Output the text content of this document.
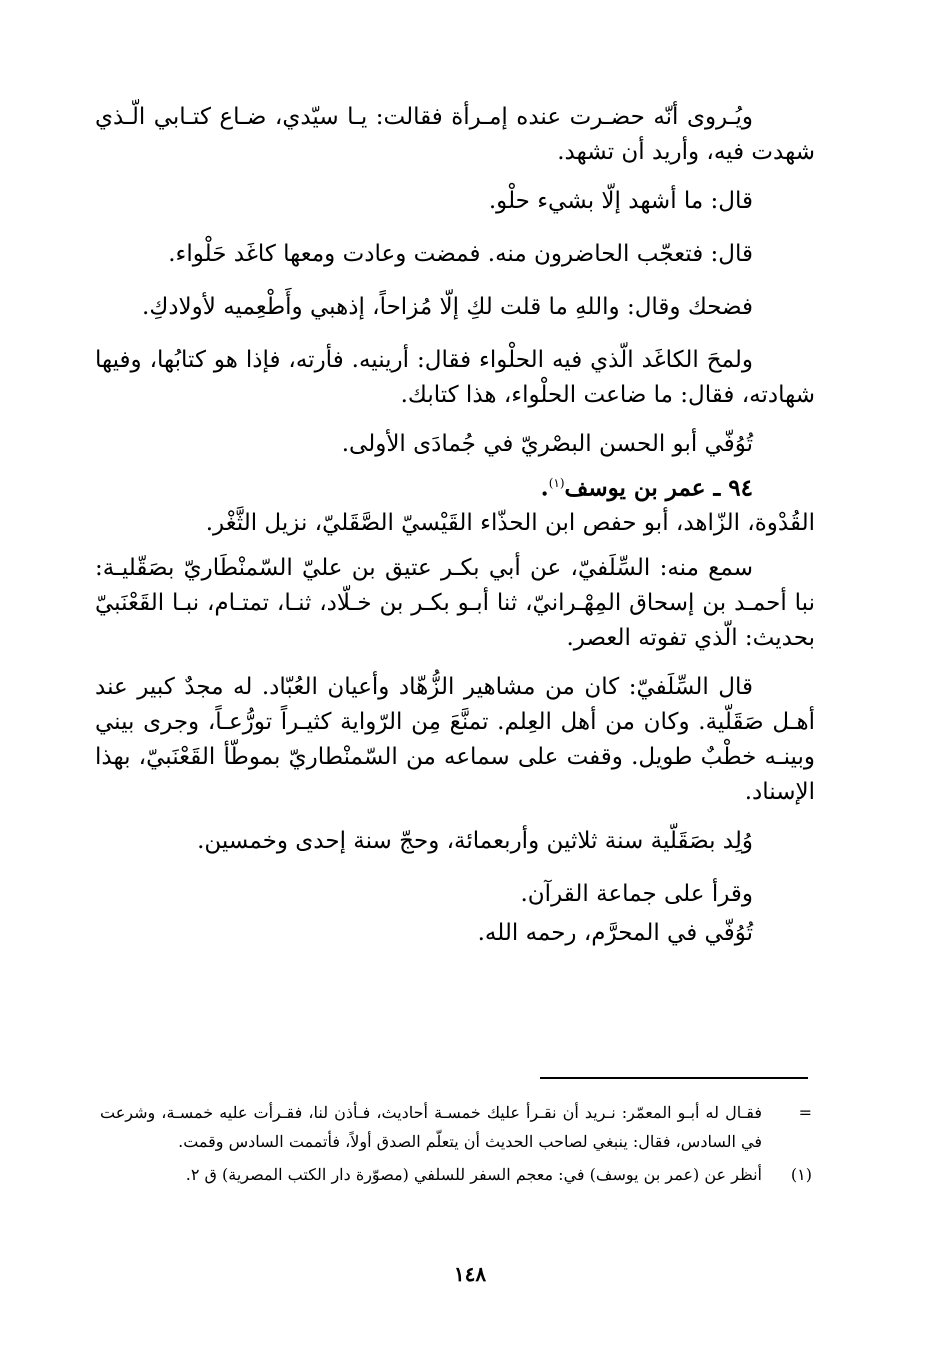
ويُـروى أنّه حضـرت عنده إمـرأة فقالت: يـا سيّدي، ضـاع كتـابي الّـذي شهدت فيه، وأريد أن تشهد.

قال: ما أشهد إلّا بشيء حلْو.

قال: فتعجّب الحاضرون منه. فمضت وعادت ومعها كاغَد حَلْواء.

فضحك وقال: واللهِ ما قلت لكِ إلّا مُزاحاً، إذهبي وأَطْعِميه لأولادكِ.

ولمحَ الكاغَد الّذي فيه الحلْواء فقال: أرينيه. فأرته، فإذا هو كتابُها، وفيها شهادته، فقال: ما ضاعت الحلْواء، هذا كتابك.

تُوُفّي أبو الحسن البصْريّ في جُمادَى الأولى.

٩٤ ـ عمر بن يوسف$^{(١)}$.

القُدْوة، الزّاهد، أبو حفص ابن الحذّاء القَيْسيّ الصَّقَليّ، نزيل الثَّغْر.

سمع منه: السِّلَفيّ، عن أبي بكـر عتيق بن عليّ السّمنْطَاريّ بصَقّليـة: نبا أحمـد بن إسحاق المِهْـرانيّ، ثنا أبـو بكـر بن خـلّاد، ثنـا، تمتـام، نبـا القَعْنَبيّ بحديث: الّذي تفوته العصر.

قال السِّلَفيّ: كان من مشاهير الزُّهّاد وأعيان العُبّاد. له مجدٌ كبير عند أهـل صَقَلّية. وكان من أهل العِلم. تمنَّعَ مِن الرّواية كثيـراً تورُّعـاً، وجرى بيني وبينـه خطْبٌ طويل. وقفت على سماعه من السّمنْطاريّ بموطّأ القَعْنَبيّ، بهذا الإسناد.

وُلِد بصَقَلّية سنة ثلاثين وأربعمائة، وحجّ سنة إحدى وخمسين.

وقرأ على جماعة القرآن.

تُوُفّي في المحرَّم، رحمه الله.

=
فقـال له أبـو المعمّر: نـريد أن نقـرأ عليك خمسـة أحاديث، فـأذن لنا، فقـرأت عليه خمسـة، وشرعت في السادس، فقال: ينبغي لصاحب الحديث أن يتعلّم الصدق أولاً، فأتممت السادس وقمت.
(١)
أنظر عن (عمر بن يوسف) في: معجم السفر للسلفي (مصوّرة دار الكتب المصرية) ق ٢.
١٤٨
